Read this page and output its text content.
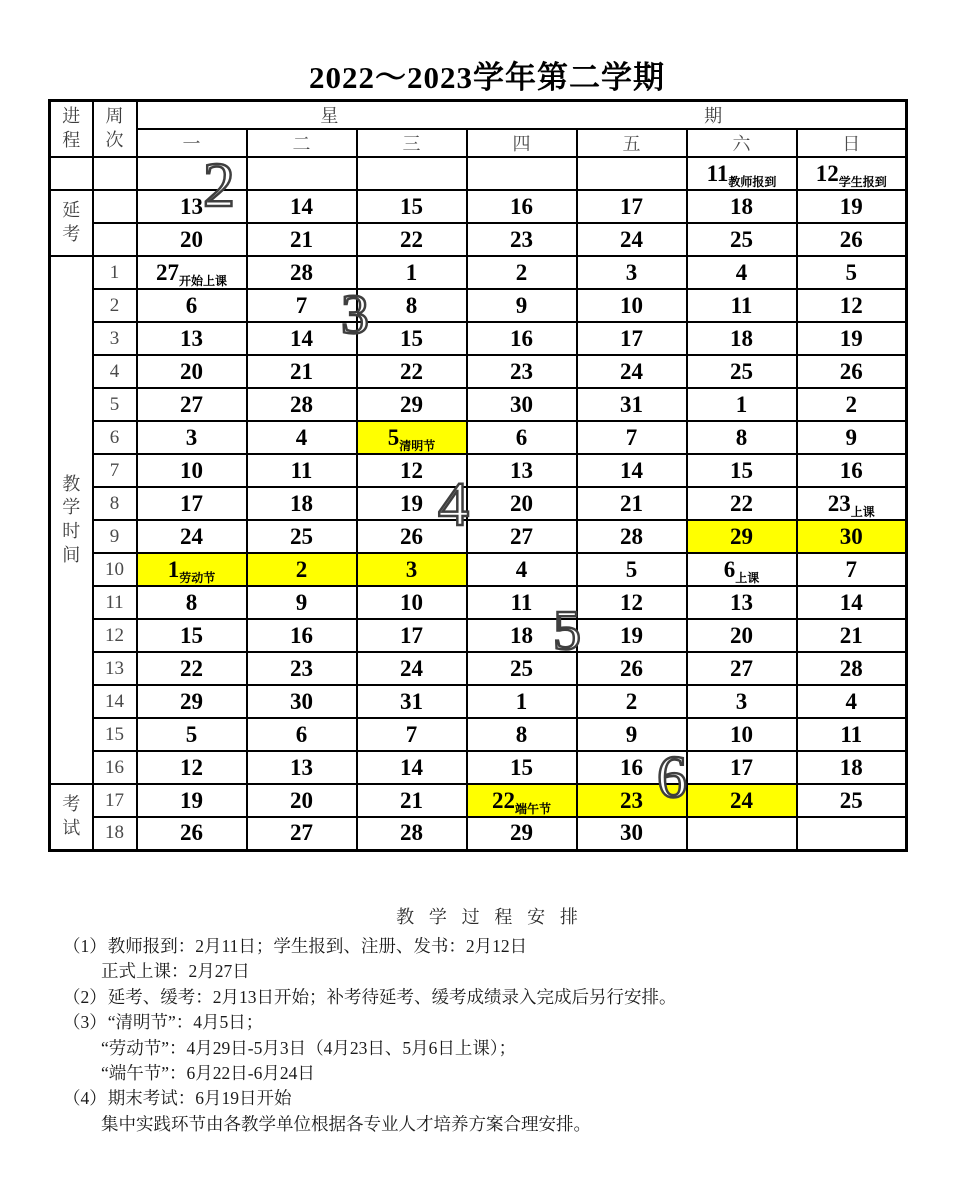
2022～2023学年第二学期
进程	周次	星 期						

		一	二	三	四	五	六	日
							$11_{教师报到}$	$12_{学生报到}$
延考		13	14	15	16	17	18	19
		20	21	22	23	24	25	26
教学时间	1	$27_{开始上课}$	28	1	2	3	4	5
	2	6	7	8	9	10	11	12
	3	13	14	15	16	17	18	19
	4	20	21	22	23	24	25	26
	5	27	28	29	30	31	1	2
	6	3	4	$5_{清明节}$	6	7	8	9
	7	10	11	12	13	14	15	16
	8	17	18	19	20	21	22	$23_{上课}$
	9	24	25	26	27	28	29	30
	10	$1_{劳动节}$	2	3	4	5	$6_{上课}$	7
	11	8	9	10	11	12	13	14
	12	15	16	17	18	19	20	21
	13	22	23	24	25	26	27	28
	14	29	30	31	1	2	3	4
	15	5	6	7	8	9	10	11
	16	12	13	14	15	16	17	18
考试	17	19	20	21	$22_{端午节}$	23	24	25
	18	26	27	28	29	30		
教学过程安排
（1）教师报到：2月11日；学生报到、注册、发书：2月12日
正式上课：2月27日
（2）延考、缓考：2月13日开始；补考待延考、缓考成绩录入完成后另行安排。
（3）“清明节”：4月5日；
“劳动节”：4月29日-5月3日（4月23日、5月6日上课）；
“端午节”：6月22日-6月24日
（4）期末考试：6月19日开始
集中实践环节由各教学单位根据各专业人才培养方案合理安排。
2
3
4
5
6
